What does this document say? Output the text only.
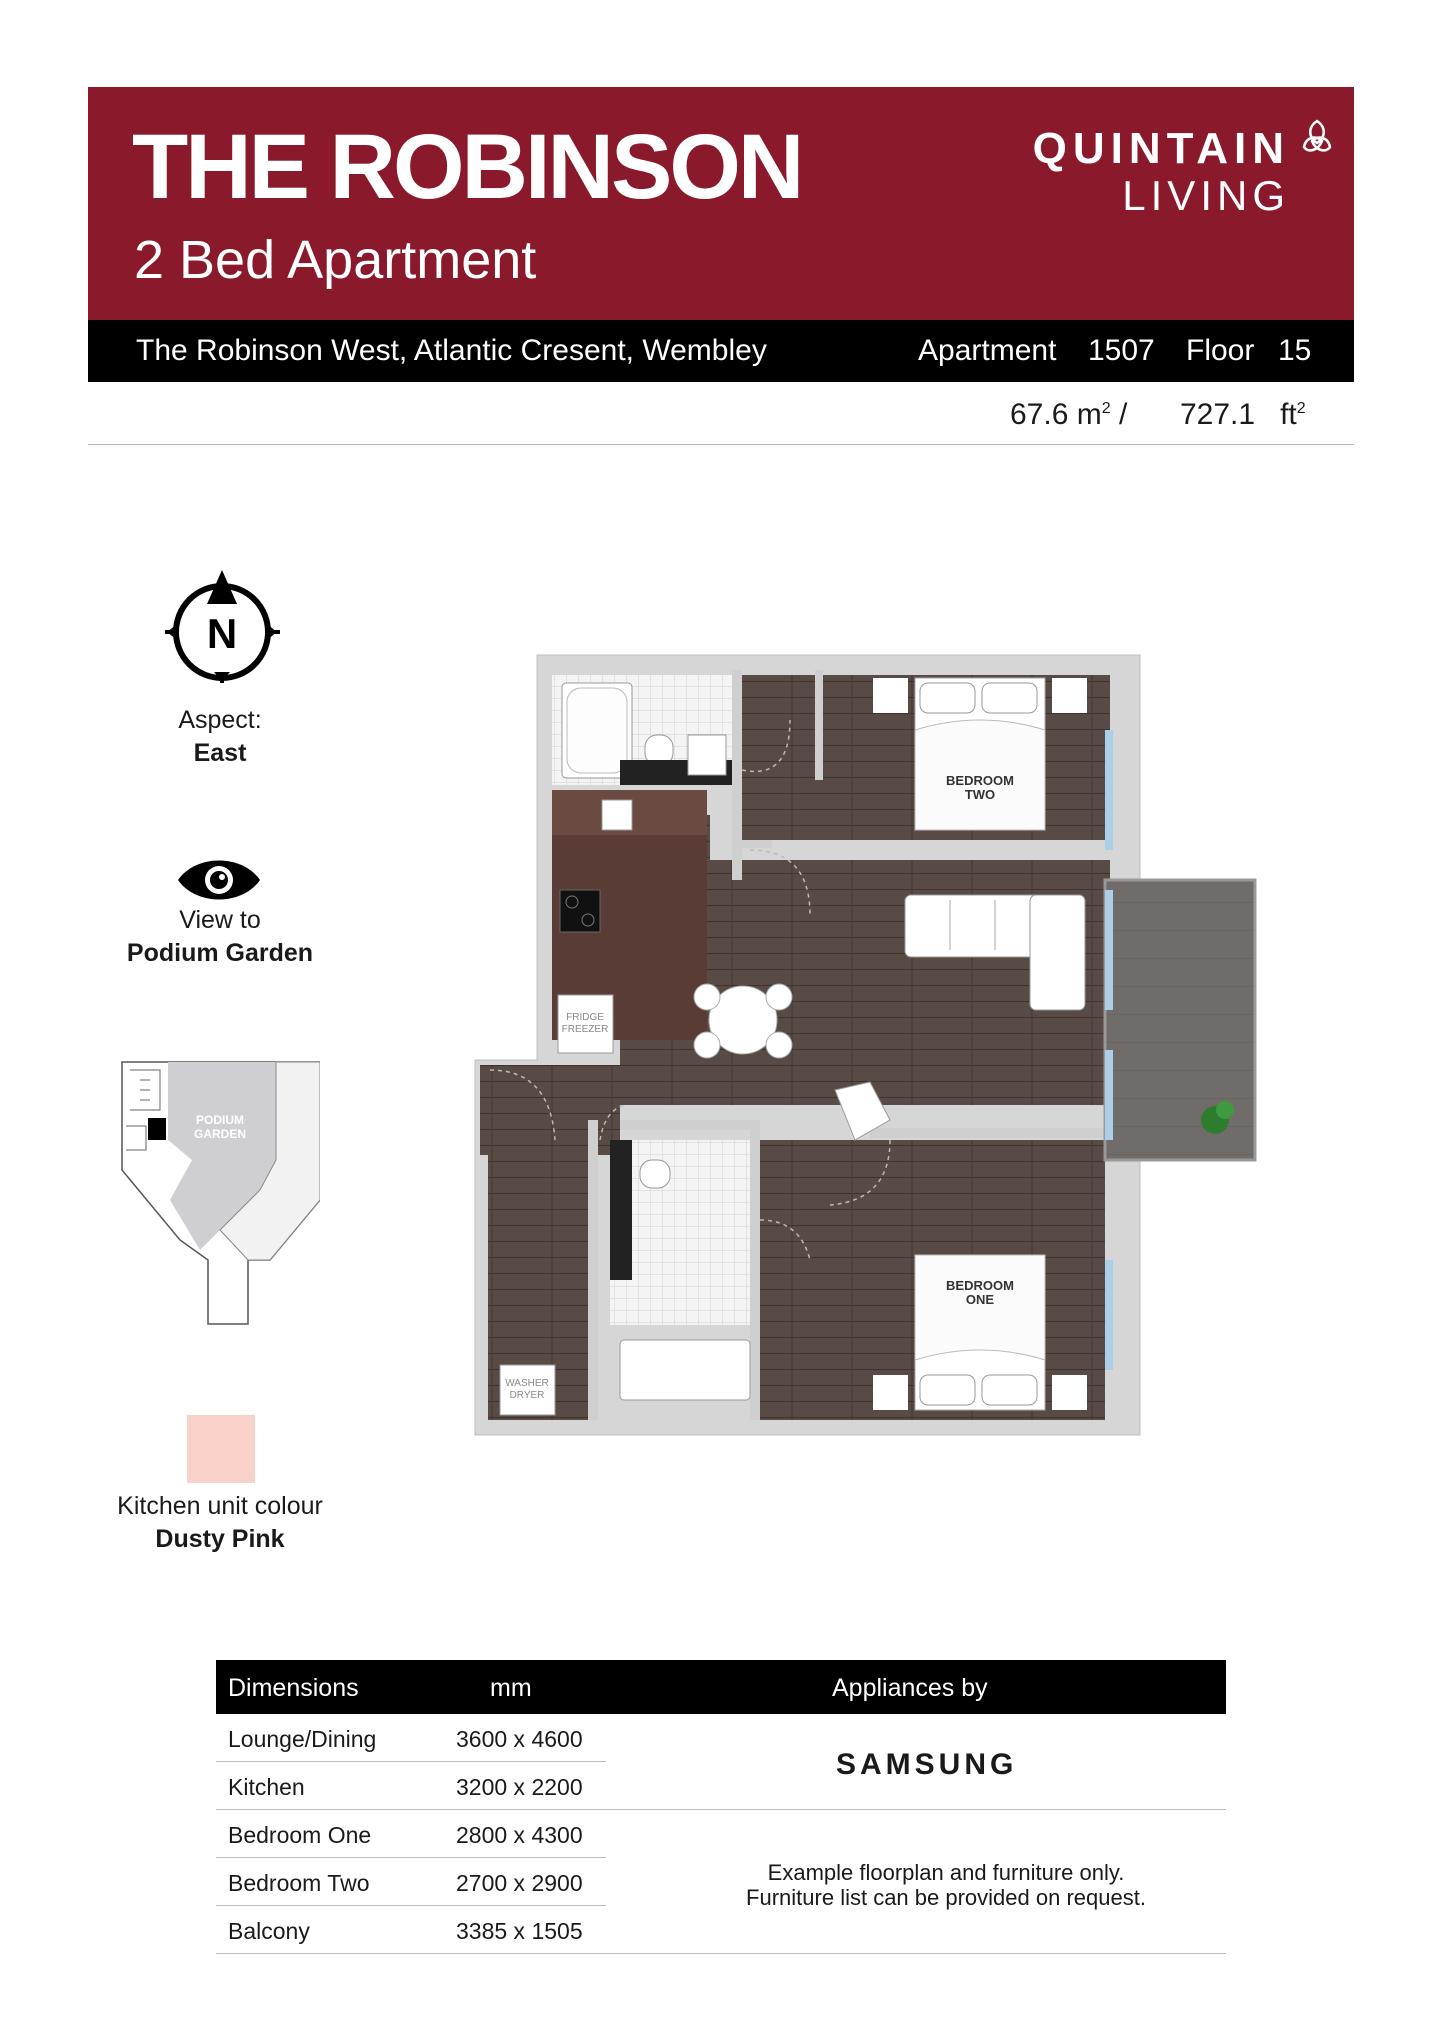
THE ROBINSON
2 Bed Apartment
QUINTAIN
LIVING
The Robinson West, Atlantic Cresent, Wembley	Apartment 1507 Floor 15
67.6 $m^2 / 727.1$ $ft^2$
N
Aspect:
East
View to
Podium Garden
PODIUM
GARDEN
Kitchen unit colour
Dusty Pink
FRIDGE
FREEZER
BEDROOM
TWO
WASHER
DRYER
BEDROOM
ONE
Dimensions	mm	Appliances by
Lounge/Dining	3600 x 4600
Kitchen	3200 x 2200
Bedroom One	2800 x 4300
Bedroom Two	2700 x 2900
Balcony	3385 x 1505
SAMSUNG
Example floorplan and furniture only.
Furniture list can be provided on request.
